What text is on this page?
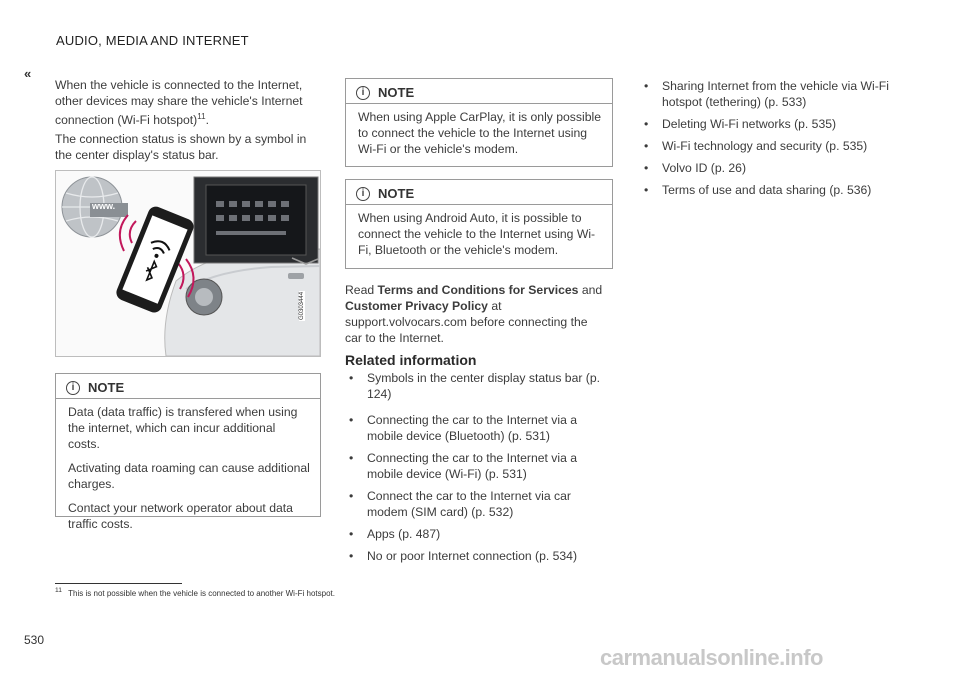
AUDIO, MEDIA AND INTERNET
«
When the vehicle is connected to the Internet, other devices may share the vehicle's Internet connection (Wi-Fi hotspot)$^{11}$.
The connection status is shown by a symbol in the center display's status bar.
www.
G0303444
i	NOTE
Data (data traffic) is transfered when using the internet, which can incur additional costs.
Activating data roaming can cause additional charges.
Contact your network operator about data traffic costs.
i	NOTE
When using Apple CarPlay, it is only possible to connect the vehicle to the Internet using Wi-Fi or the vehicle's modem.
i	NOTE
When using Android Auto, it is possible to connect the vehicle to the Internet using Wi-Fi, Bluetooth or the vehicle's modem.
Read Terms and Conditions for Services and Customer Privacy Policy at
support.volvocars.com before connecting the car to the Internet.
Related information
•	Symbols in the center display status bar (p. 124)
•	Connecting the car to the Internet via a mobile device (Bluetooth) (p. 531)
•	Connecting the car to the Internet via a mobile device (Wi-Fi) (p. 531)
•	Connect the car to the Internet via car modem (SIM card) (p. 532)
•	Apps (p. 487)
•	No or poor Internet connection (p. 534)
•	Sharing Internet from the vehicle via Wi-Fi hotspot (tethering) (p. 533)
•	Deleting Wi-Fi networks (p. 535)
•	Wi-Fi technology and security (p. 535)
•	Volvo ID (p. 26)
•	Terms of use and data sharing (p. 536)
$^{11}$ This is not possible when the vehicle is connected to another Wi-Fi hotspot.
530
carmanualsonline.info
